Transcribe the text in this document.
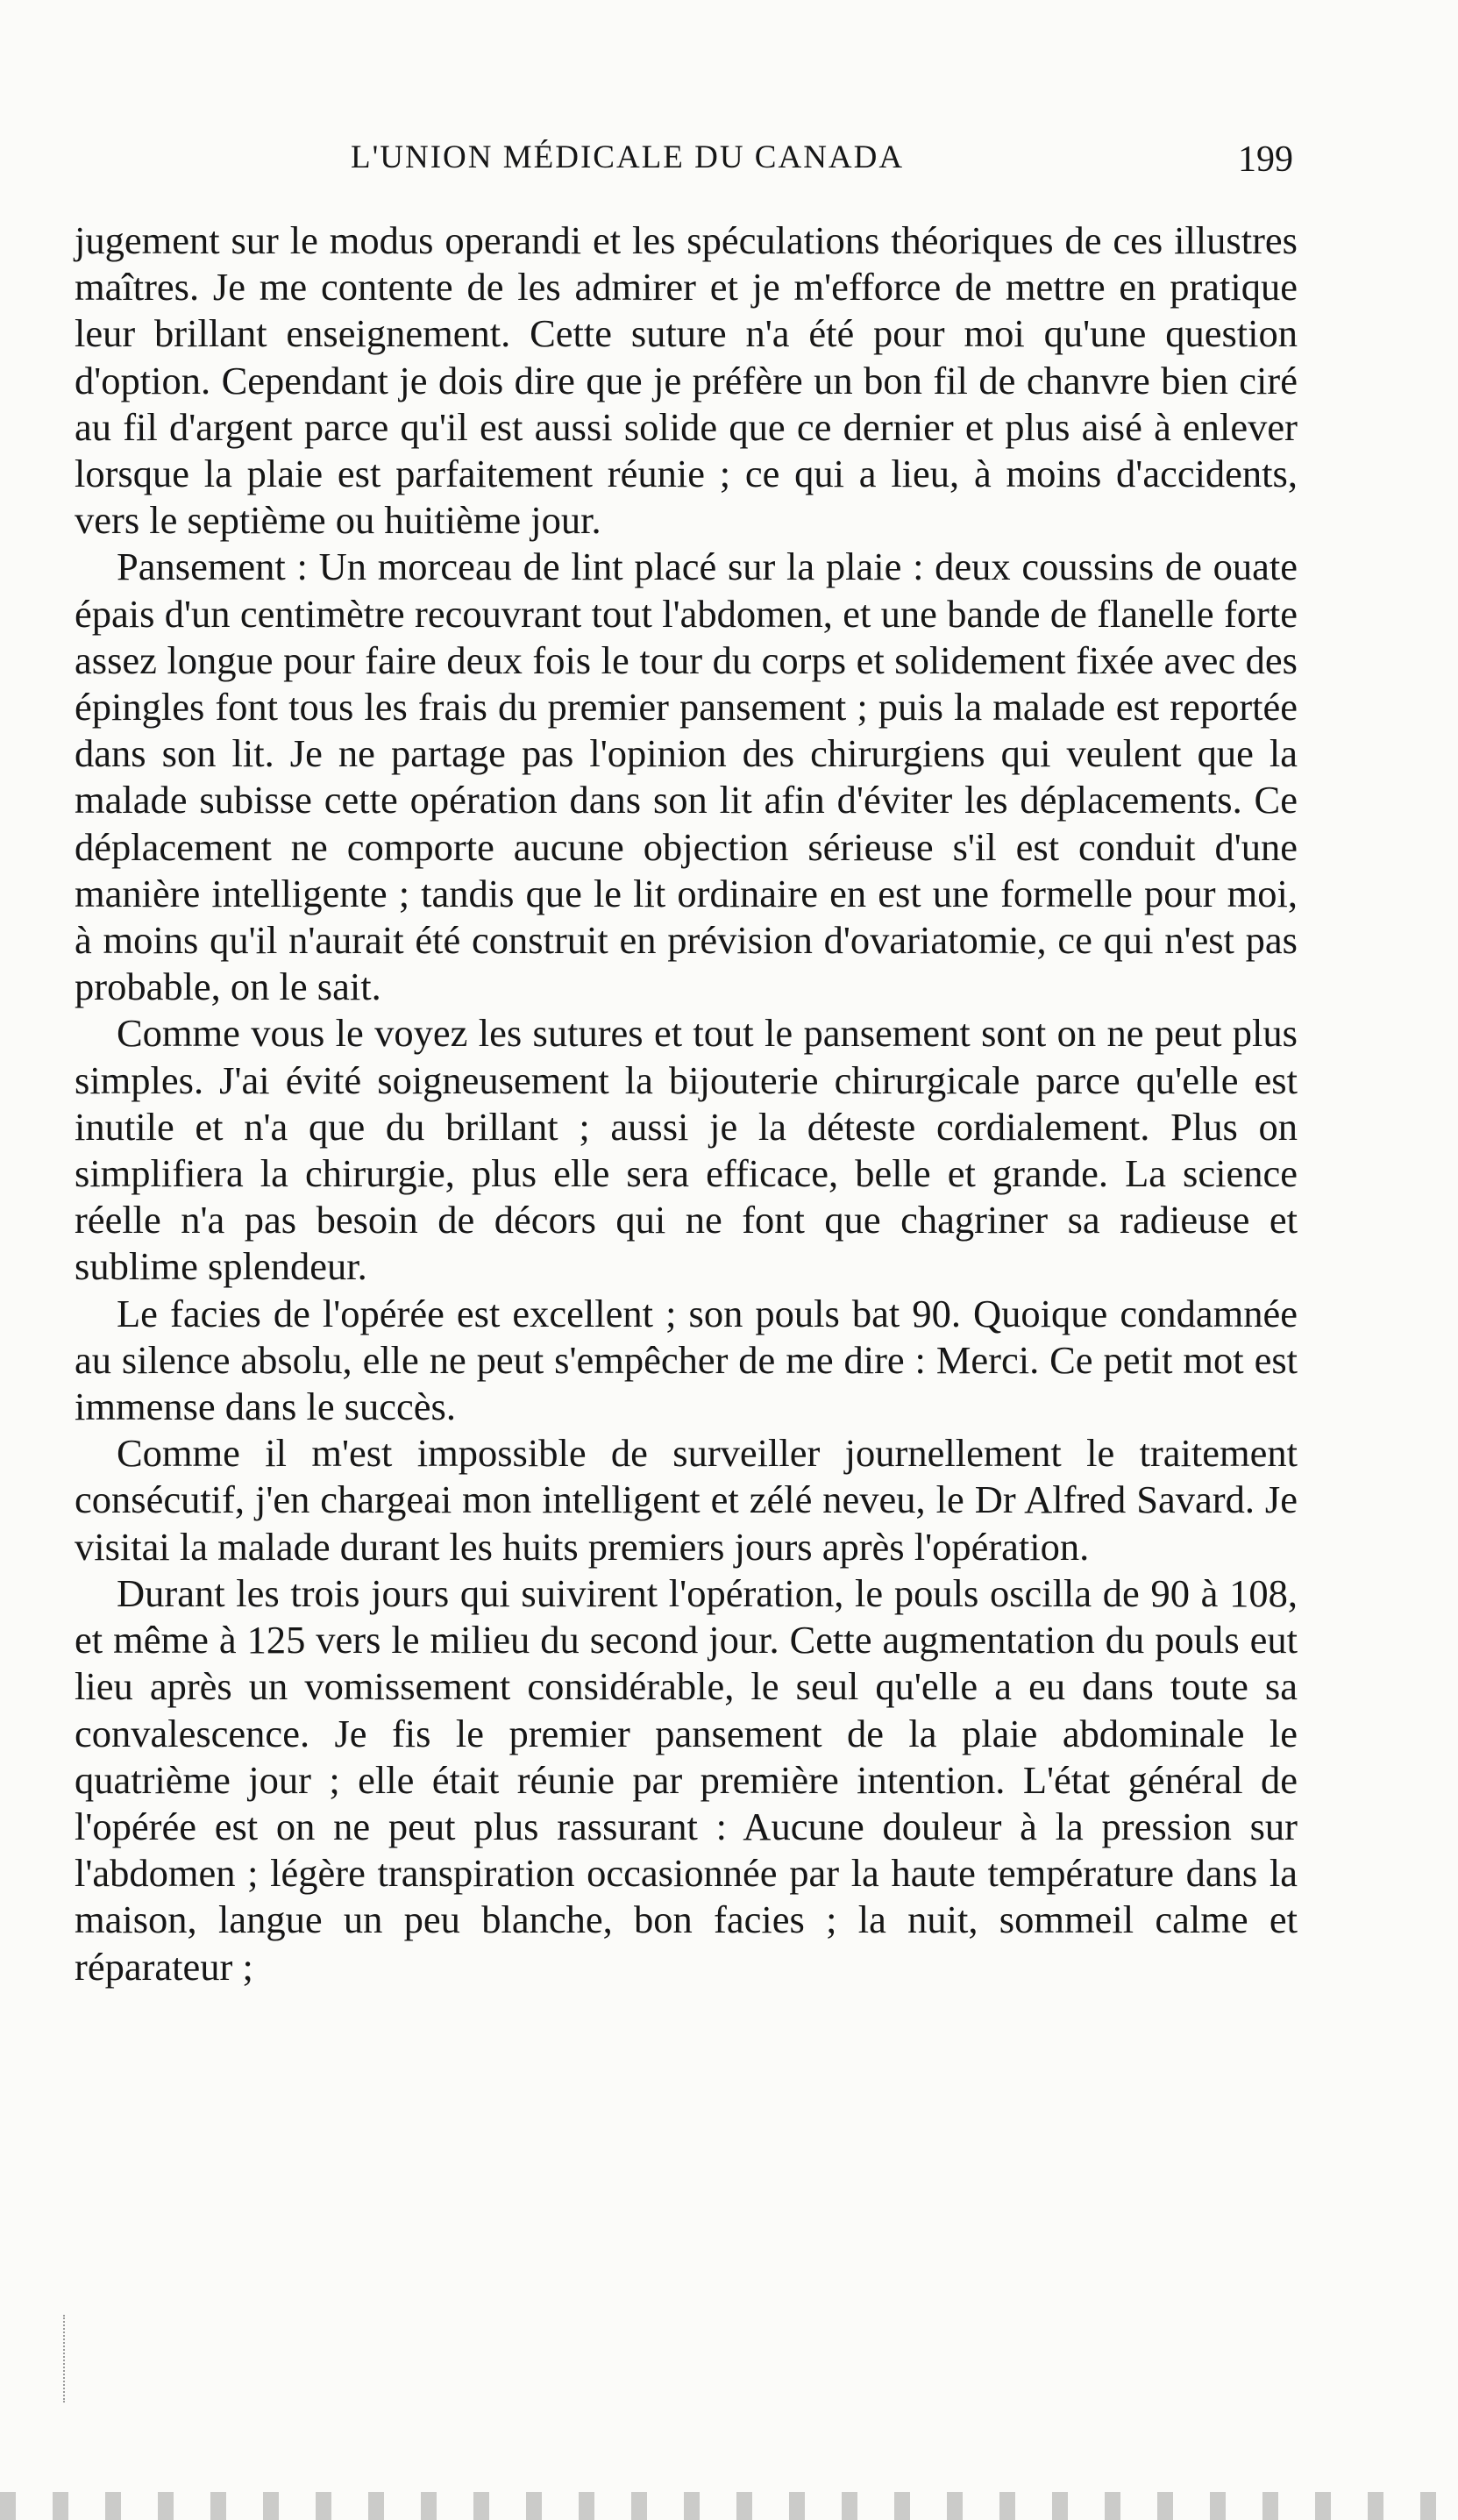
L'UNION MÉDICALE DU CANADA	199

jugement sur le modus operandi et les spéculations théoriques de ces illustres maîtres. Je me contente de les admirer et je m'efforce de mettre en pratique leur brillant enseignement. Cette suture n'a été pour moi qu'une question d'option. Cependant je dois dire que je préfère un bon fil de chanvre bien ciré au fil d'argent parce qu'il est aussi solide que ce dernier et plus aisé à enlever lorsque la plaie est parfaitement réunie ; ce qui a lieu, à moins d'accidents, vers le septième ou huitième jour.

Pansement : Un morceau de lint placé sur la plaie : deux coussins de ouate épais d'un centimètre recouvrant tout l'abdomen, et une bande de flanelle forte assez longue pour faire deux fois le tour du corps et solidement fixée avec des épingles font tous les frais du premier pansement ; puis la malade est reportée dans son lit. Je ne partage pas l'opinion des chirurgiens qui veulent que la malade subisse cette opération dans son lit afin d'éviter les déplacements. Ce déplacement ne comporte aucune objection sérieuse s'il est conduit d'une manière intelligente ; tandis que le lit ordinaire en est une formelle pour moi, à moins qu'il n'aurait été construit en prévision d'ovariatomie, ce qui n'est pas probable, on le sait.

Comme vous le voyez les sutures et tout le pansement sont on ne peut plus simples. J'ai évité soigneusement la bijouterie chirurgicale parce qu'elle est inutile et n'a que du brillant ; aussi je la déteste cordialement. Plus on simplifiera la chirurgie, plus elle sera efficace, belle et grande. La science réelle n'a pas besoin de décors qui ne font que chagriner sa radieuse et sublime splendeur.

Le facies de l'opérée est excellent ; son pouls bat 90. Quoique condamnée au silence absolu, elle ne peut s'empêcher de me dire : Merci. Ce petit mot est immense dans le succès.

Comme il m'est impossible de surveiller journellement le traitement consécutif, j'en chargeai mon intelligent et zélé neveu, le Dr Alfred Savard. Je visitai la malade durant les huits premiers jours après l'opération.

Durant les trois jours qui suivirent l'opération, le pouls oscilla de 90 à 108, et même à 125 vers le milieu du second jour. Cette augmentation du pouls eut lieu après un vomissement considérable, le seul qu'elle a eu dans toute sa convalescence. Je fis le premier pansement de la plaie abdominale le quatrième jour ; elle était réunie par première intention. L'état général de l'opérée est on ne peut plus rassurant : Aucune douleur à la pression sur l'abdomen ; légère transpiration occasionnée par la haute température dans la maison, langue un peu blanche, bon facies ; la nuit, sommeil calme et réparateur ;
